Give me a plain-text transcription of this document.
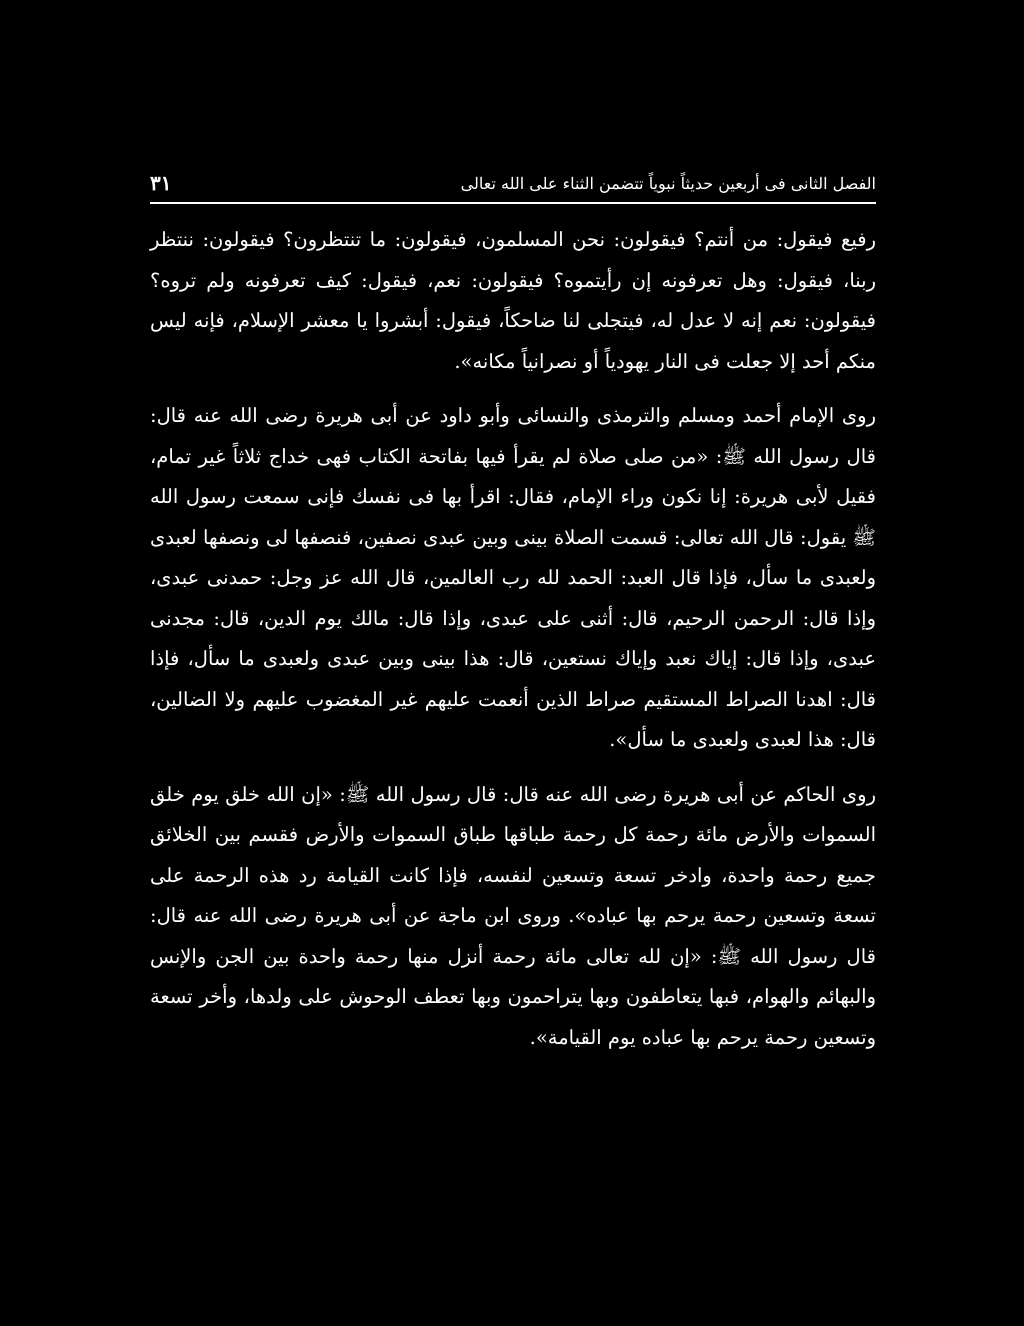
الفصل الثانى فى أربعين حديثاً نبوياً تتضمن الثناء على الله تعالى
٣١

رفيع فيقول: من أنتم؟ فيقولون: نحن المسلمون، فيقولون: ما تنتظرون؟ فيقولون: ننتظر ربنا، فيقول: وهل تعرفونه إن رأيتموه؟ فيقولون: نعم، فيقول: كيف تعرفونه ولم تروه؟ فيقولون: نعم إنه لا عدل له، فيتجلى لنا ضاحكاً، فيقول: أبشروا يا معشر الإسلام، فإنه ليس منكم أحد إلا جعلت فى النار يهودياً أو نصرانياً مكانه».

روى الإمام أحمد ومسلم والترمذى والنسائى وأبو داود عن أبى هريرة رضى الله عنه قال: قال رسول الله ﷺ: «من صلى صلاة لم يقرأ فيها بفاتحة الكتاب فهى خداج ثلاثاً غير تمام، فقيل لأبى هريرة: إنا نكون وراء الإمام، فقال: اقرأ بها فى نفسك فإنى سمعت رسول الله ﷺ يقول: قال الله تعالى: قسمت الصلاة بينى وبين عبدى نصفين، فنصفها لى ونصفها لعبدى ولعبدى ما سأل، فإذا قال العبد: الحمد لله رب العالمين، قال الله عز وجل: حمدنى عبدى، وإذا قال: الرحمن الرحيم، قال: أثنى على عبدى، وإذا قال: مالك يوم الدين، قال: مجدنى عبدى، وإذا قال: إياك نعبد وإياك نستعين، قال: هذا بينى وبين عبدى ولعبدى ما سأل، فإذا قال: اهدنا الصراط المستقيم صراط الذين أنعمت عليهم غير المغضوب عليهم ولا الضالين، قال: هذا لعبدى ولعبدى ما سأل».

روى الحاكم عن أبى هريرة رضى الله عنه قال: قال رسول الله ﷺ: «إن الله خلق يوم خلق السموات والأرض مائة رحمة كل رحمة طباقها طباق السموات والأرض فقسم بين الخلائق جميع رحمة واحدة، وادخر تسعة وتسعين لنفسه، فإذا كانت القيامة رد هذه الرحمة على تسعة وتسعين رحمة يرحم بها عباده». وروى ابن ماجة عن أبى هريرة رضى الله عنه قال: قال رسول الله ﷺ: «إن لله تعالى مائة رحمة أنزل منها رحمة واحدة بين الجن والإنس والبهائم والهوام، فبها يتعاطفون وبها يتراحمون وبها تعطف الوحوش على ولدها، وأخر تسعة وتسعين رحمة يرحم بها عباده يوم القيامة».
